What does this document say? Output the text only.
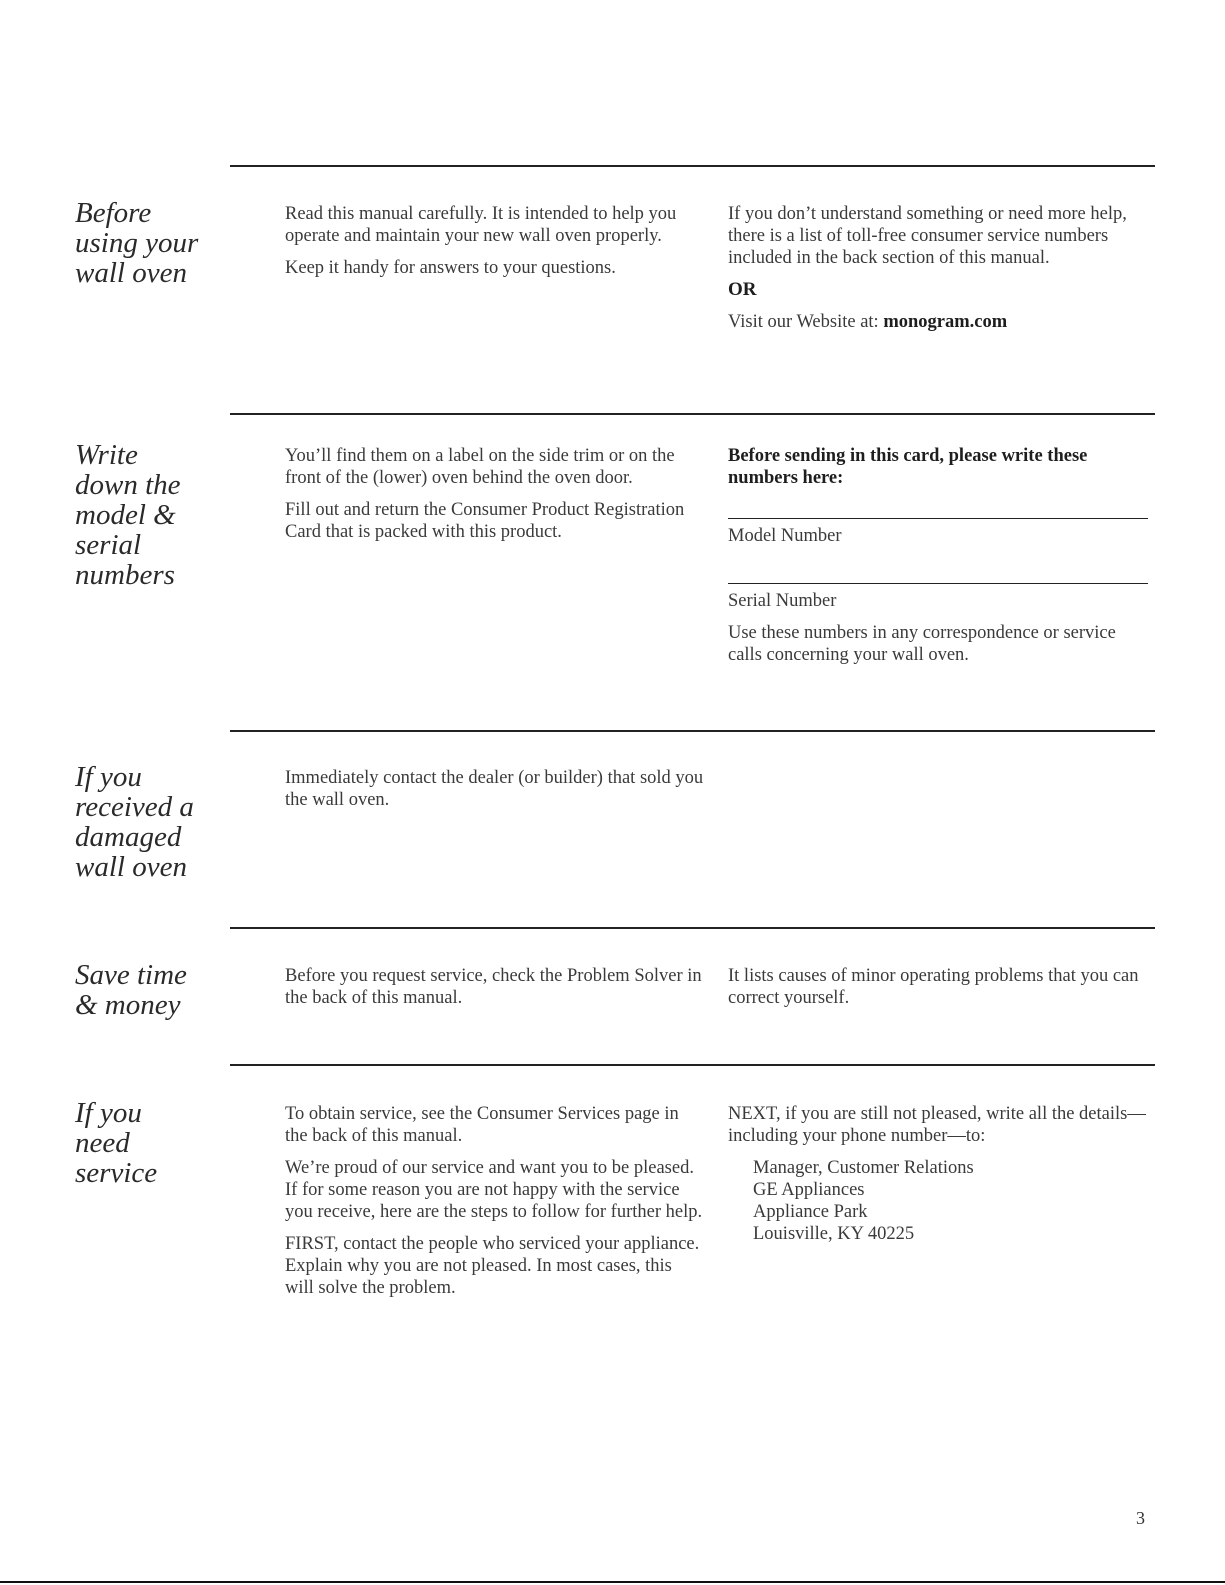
Before
using your
wall oven

Read this manual carefully. It is intended to help you operate and maintain your new wall oven properly.

Keep it handy for answers to your questions.

If you don’t understand something or need more help, there is a list of toll-free consumer service numbers included in the back section of this manual.

OR

Visit our Website at: monogram.com

Write
down the
model &
serial
numbers

You’ll find them on a label on the side trim or on the front of the (lower) oven behind the oven door.

Fill out and return the Consumer Product Registration Card that is packed with this product.

Before sending in this card, please write these numbers here:

Model Number

Serial Number

Use these numbers in any correspondence or service calls concerning your wall oven.

If you
received a
damaged
wall oven

Immediately contact the dealer (or builder) that sold you the wall oven.

Save time
& money

Before you request service, check the Problem Solver in the back of this manual.

It lists causes of minor operating problems that you can correct yourself.

If you
need
service

To obtain service, see the Consumer Services page in the back of this manual.

We’re proud of our service and want you to be pleased. If for some reason you are not happy with the service you receive, here are the steps to follow for further help.

FIRST, contact the people who serviced your appliance. Explain why you are not pleased. In most cases, this will solve the problem.

NEXT, if you are still not pleased, write all the details—including your phone number—to:

Manager, Customer Relations
GE Appliances
Appliance Park
Louisville, KY 40225
3
